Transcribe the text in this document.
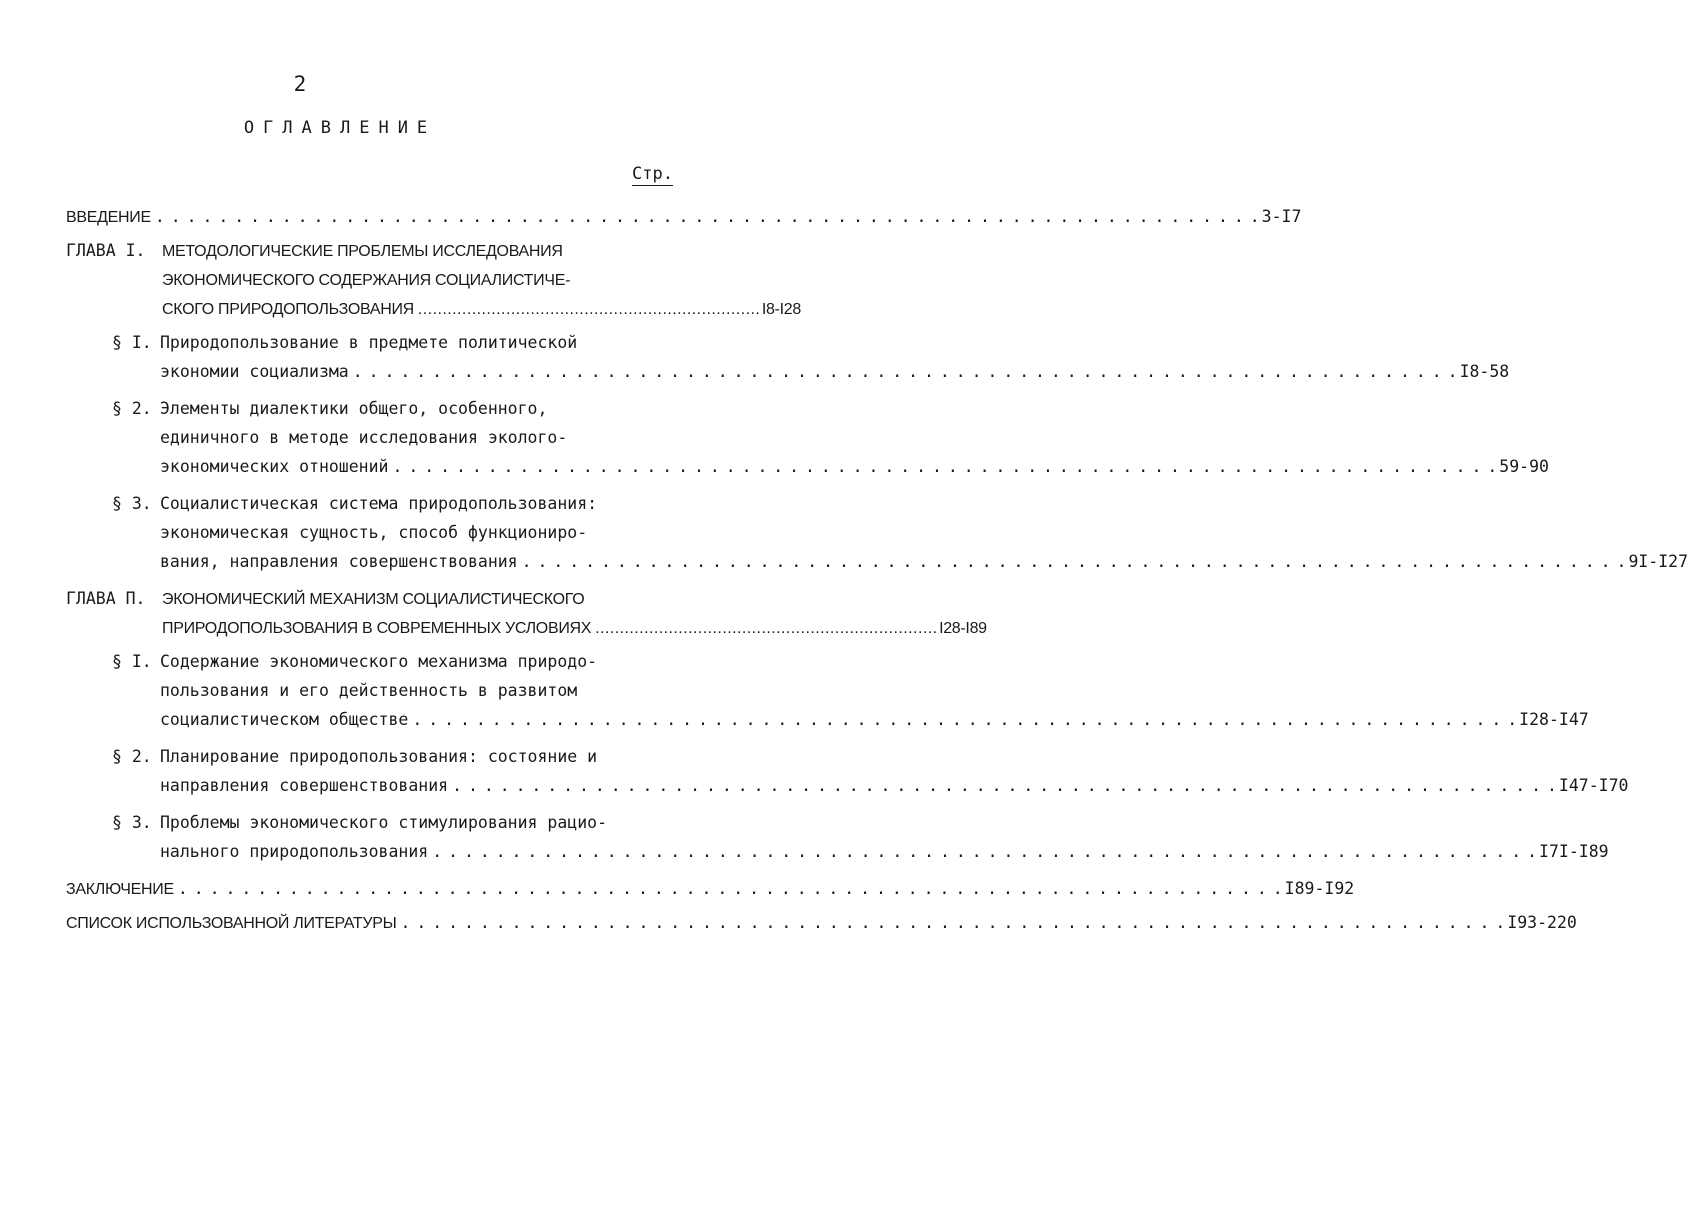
2
ОГЛАВЛЕНИЕ
Стр.
ВВЕДЕНИЕ . . .	3-I7
ГЛАВА I.	МЕТОДОЛОГИЧЕСКИЕ ПРОБЛЕМЫ ИССЛЕДОВАНИЯ
ЭКОНОМИЧЕСКОГО СОДЕРЖАНИЯ СОЦИАЛИСТИЧЕ-
СКОГО ПРИРОДОПОЛЬЗОВАНИЯ . . .	I8-I28
§ I. Природопользование в предмете политической
экономии социализма . . .	I8-58
§ 2. Элементы диалектики общего, особенного,
единичного в методе исследования эколого-
экономических отношений . . .	59-90
§ 3. Социалистическая система природопользования:
экономическая сущность, способ функциониро-
вания, направления совершенствования . . .	9I-I27
ГЛАВА П.	ЭКОНОМИЧЕСКИЙ МЕХАНИЗМ СОЦИАЛИСТИЧЕСКОГО
ПРИРОДОПОЛЬЗОВАНИЯ В СОВРЕМЕННЫХ УСЛОВИЯХ . . .	I28-I89
§ I. Содержание экономического механизма природо-
пользования и его действенность в развитом
социалистическом обществе . . .	I28-I47
§ 2. Планирование природопользования: состояние и
направления совершенствования . . .	I47-I70
§ 3. Проблемы экономического стимулирования рацио-
нального природопользования . . .	I7I-I89
ЗАКЛЮЧЕНИЕ . . .	I89-I92
СПИСОК ИСПОЛЬЗОВАННОЙ ЛИТЕРАТУРЫ . . .	I93-220
